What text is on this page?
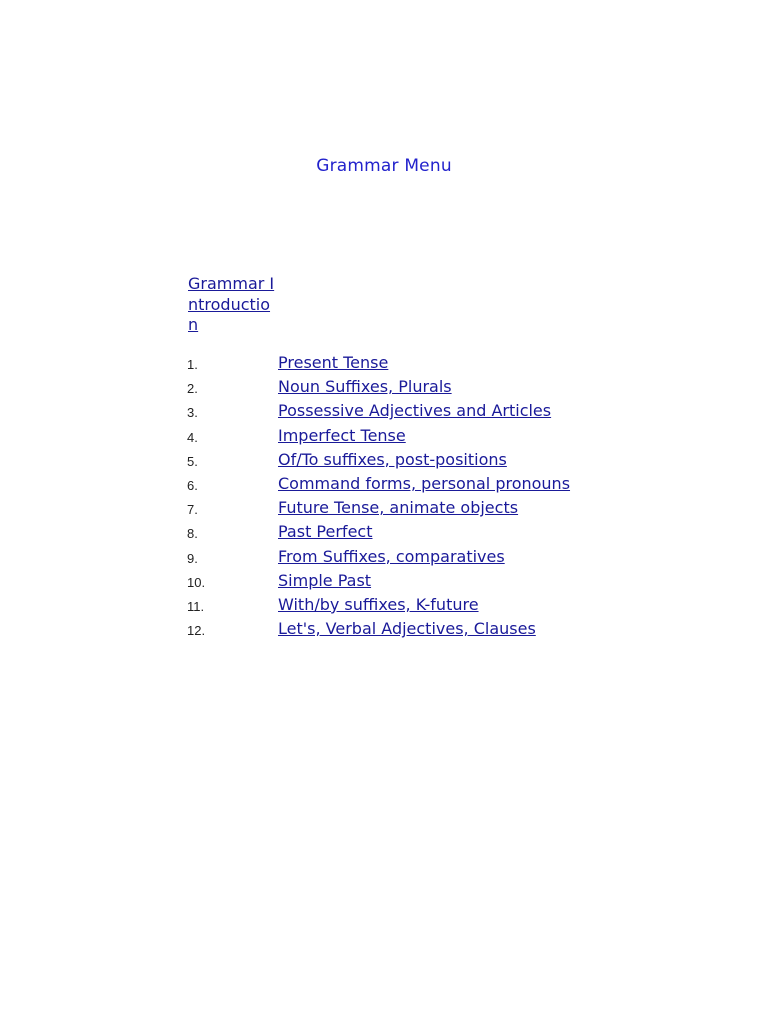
Grammar Menu
Grammar Introduction
1.	Present Tense
2.	Noun Suffixes, Plurals
3.	Possessive Adjectives and Articles
4.	Imperfect Tense
5.	Of/To suffixes, post-positions
6.	Command forms, personal pronouns
7.	Future Tense, animate objects
8.	Past Perfect
9.	From Suffixes, comparatives
10.	Simple Past
11.	With/by suffixes, K-future
12.	Let's, Verbal Adjectives, Clauses
